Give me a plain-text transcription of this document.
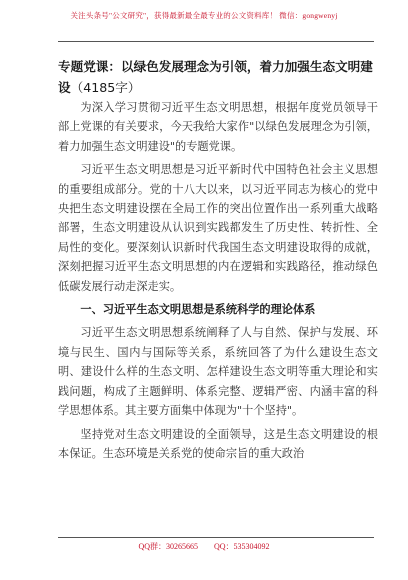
关注头条号"公文研究"，获得最新最全最专业的公文资料库！ 微信：gongwenyj
专题党课：以绿色发展理念为引领，着力加强生态文明建设（4185字）

为深入学习贯彻习近平生态文明思想，根据年度党员领导干部上党课的有关要求，今天我给大家作"以绿色发展理念为引领，着力加强生态文明建设"的专题党课。

习近平生态文明思想是习近平新时代中国特色社会主义思想的重要组成部分。党的十八大以来，以习近平同志为核心的党中央把生态文明建设摆在全局工作的突出位置作出一系列重大战略部署，生态文明建设从认识到实践都发生了历史性、转折性、全局性的变化。要深刻认识新时代我国生态文明建设取得的成就，深刻把握习近平生态文明思想的内在逻辑和实践路径，推动绿色低碳发展行动走深走实。

一、习近平生态文明思想是系统科学的理论体系

习近平生态文明思想系统阐释了人与自然、保护与发展、环境与民生、国内与国际等关系，系统回答了为什么建设生态文明、建设什么样的生态文明、怎样建设生态文明等重大理论和实践问题，构成了主题鲜明、体系完整、逻辑严密、内涵丰富的科学思想体系。其主要方面集中体现为"十个坚持"。

坚持党对生态文明建设的全面领导，这是生态文明建设的根本保证。生态环境是关系党的使命宗旨的重大政治

QQ群：30265665 QQ：535304092
